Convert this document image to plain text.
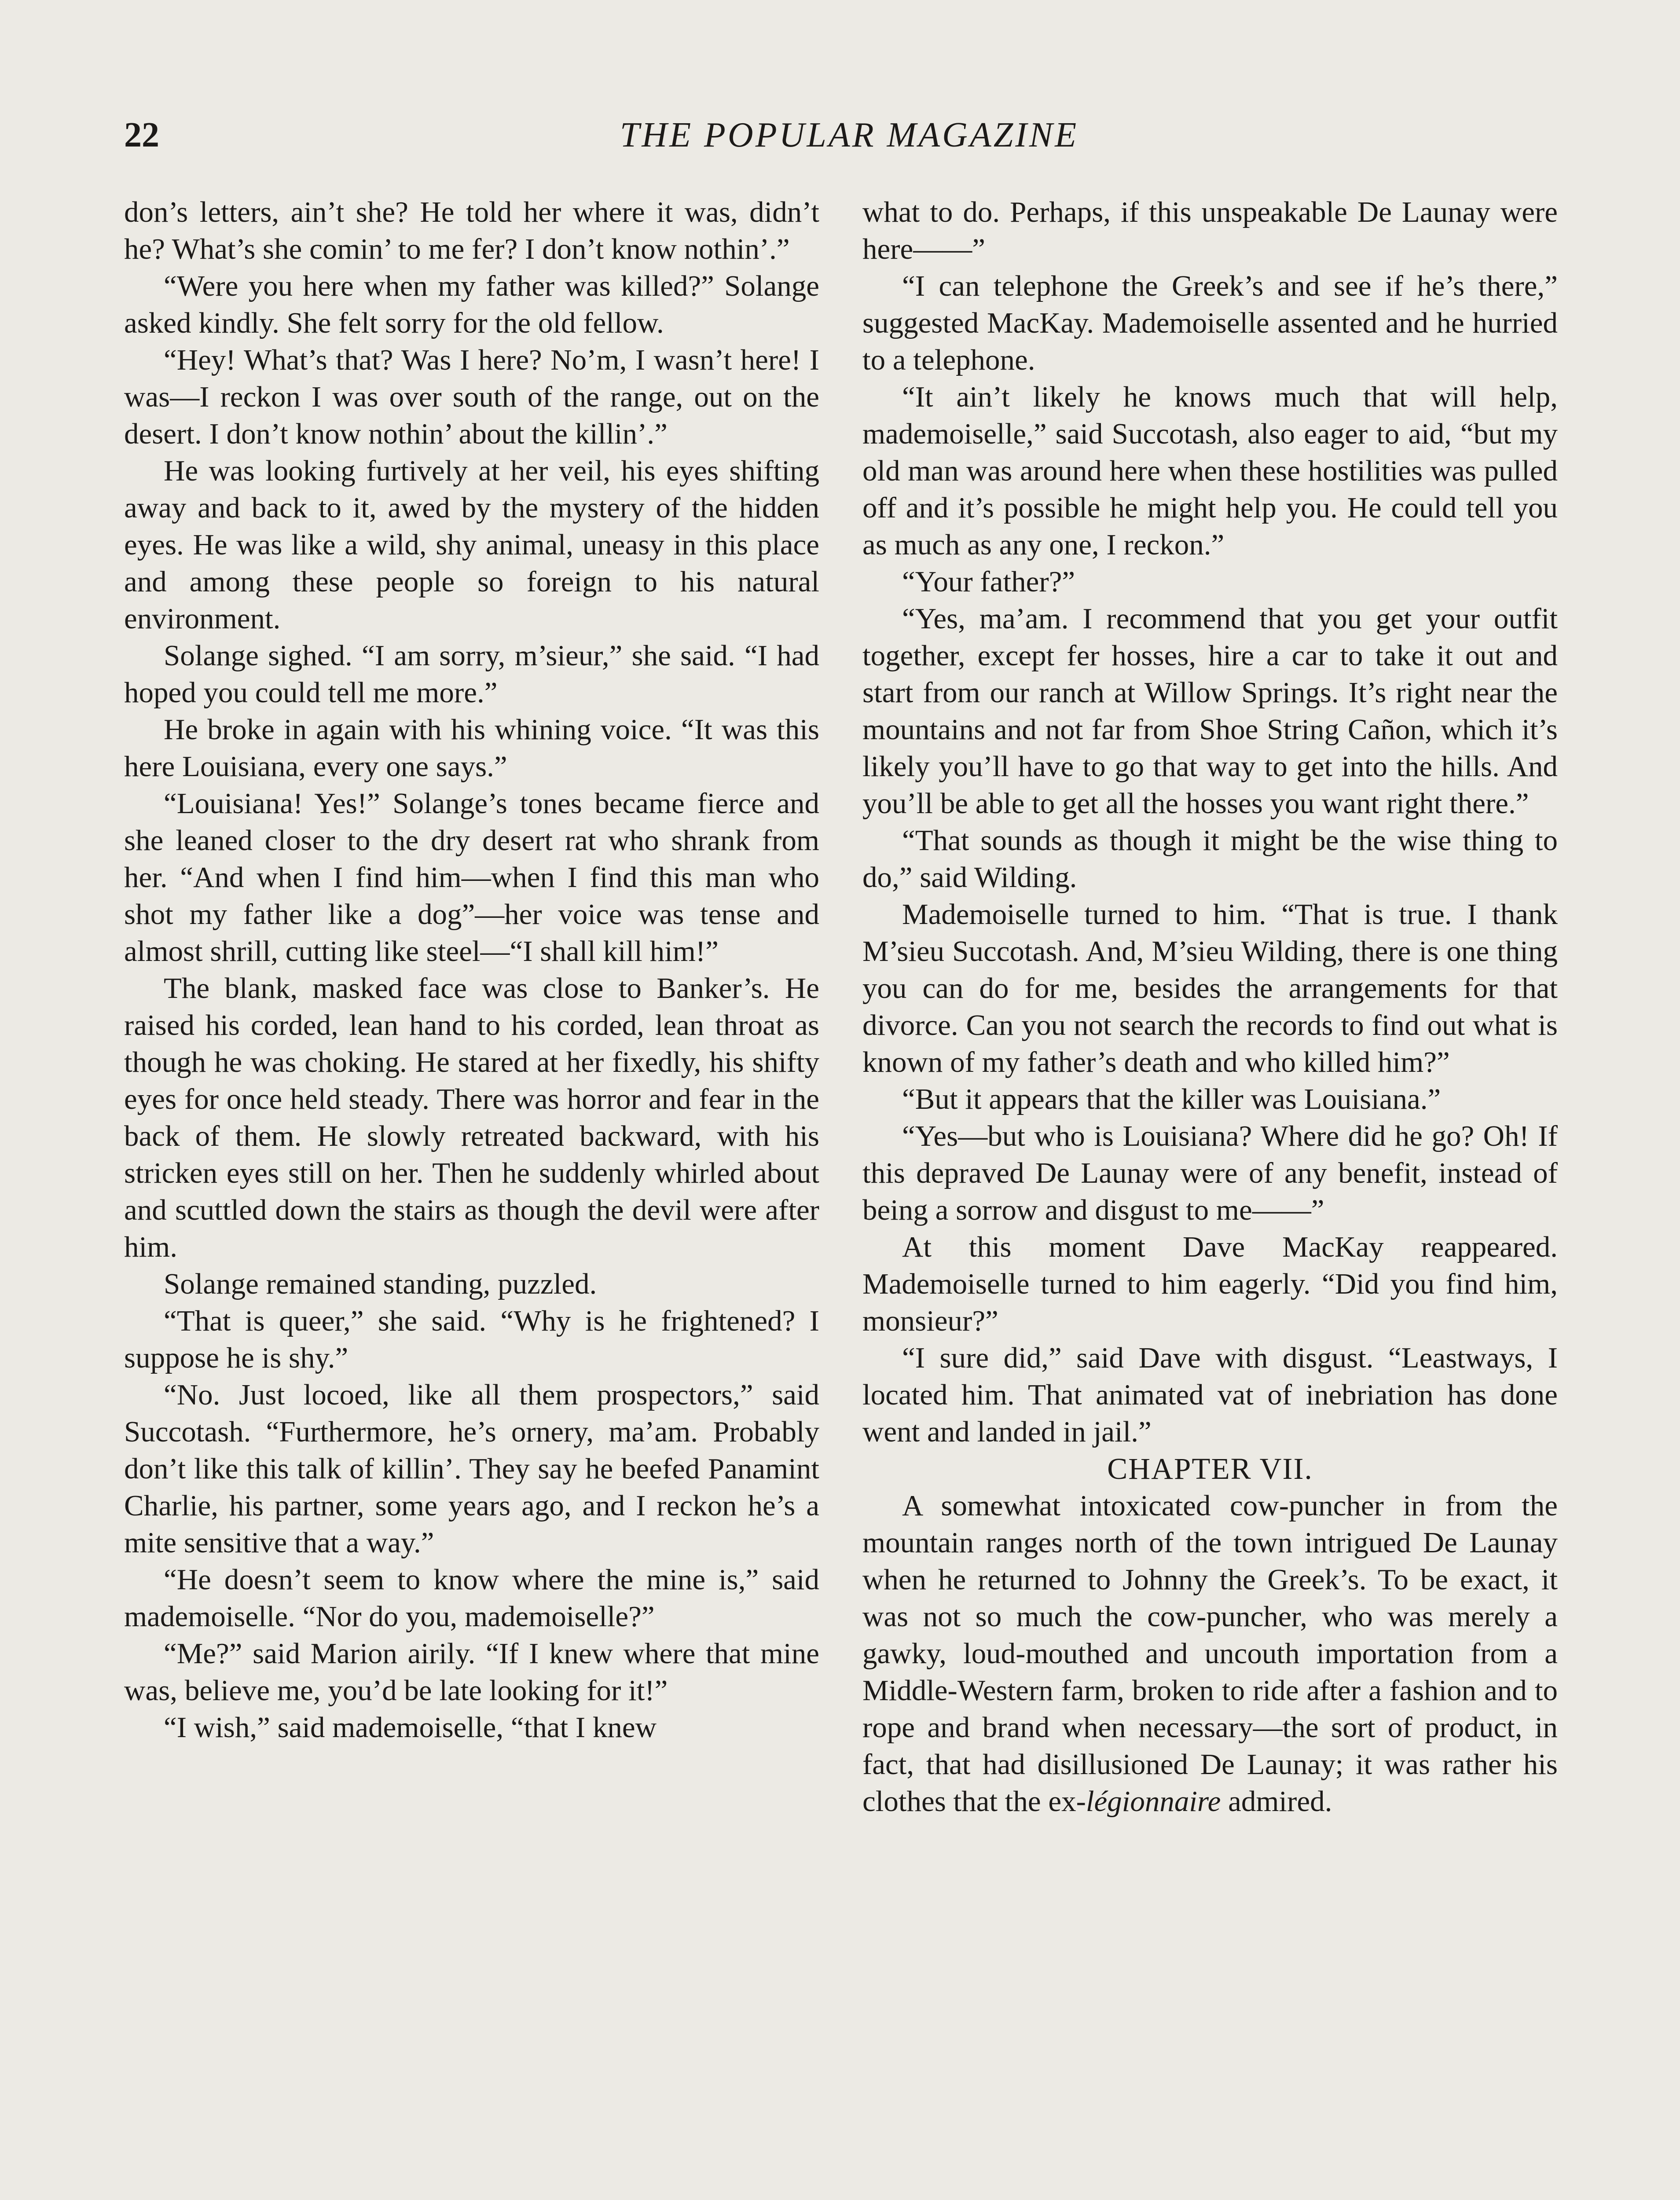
22	THE POPULAR MAGAZINE

don’s letters, ain’t she? He told her where it was, didn’t he? What’s she comin’ to me fer? I don’t know nothin’.”

“Were you here when my father was killed?” Solange asked kindly. She felt sorry for the old fellow.

“Hey! What’s that? Was I here? No’m, I wasn’t here! I was—I reckon I was over south of the range, out on the desert. I don’t know nothin’ about the killin’.”

He was looking furtively at her veil, his eyes shifting away and back to it, awed by the mystery of the hidden eyes. He was like a wild, shy animal, uneasy in this place and among these people so foreign to his natural environment.

Solange sighed. “I am sorry, m’sieur,” she said. “I had hoped you could tell me more.”

He broke in again with his whining voice. “It was this here Louisiana, every one says.”

“Louisiana! Yes!” Solange’s tones became fierce and she leaned closer to the dry desert rat who shrank from her. “And when I find him—when I find this man who shot my father like a dog”—her voice was tense and almost shrill, cutting like steel—“I shall kill him!”

The blank, masked face was close to Banker’s. He raised his corded, lean hand to his corded, lean throat as though he was choking. He stared at her fixedly, his shifty eyes for once held steady. There was horror and fear in the back of them. He slowly retreated backward, with his stricken eyes still on her. Then he suddenly whirled about and scuttled down the stairs as though the devil were after him.

Solange remained standing, puzzled.

“That is queer,” she said. “Why is he frightened? I suppose he is shy.”

“No. Just locoed, like all them prospectors,” said Succotash. “Furthermore, he’s ornery, ma’am. Probably don’t like this talk of killin’. They say he beefed Panamint Charlie, his partner, some years ago, and I reckon he’s a mite sensitive that a way.”

“He doesn’t seem to know where the mine is,” said mademoiselle. “Nor do you, mademoiselle?”

“Me?” said Marion airily. “If I knew where that mine was, believe me, you’d be late looking for it!”

“I wish,” said mademoiselle, “that I knew

what to do. Perhaps, if this unspeakable De Launay were here——”

“I can telephone the Greek’s and see if he’s there,” suggested MacKay. Mademoiselle assented and he hurried to a telephone.

“It ain’t likely he knows much that will help, mademoiselle,” said Succotash, also eager to aid, “but my old man was around here when these hostilities was pulled off and it’s possible he might help you. He could tell you as much as any one, I reckon.”

“Your father?”

“Yes, ma’am. I recommend that you get your outfit together, except fer hosses, hire a car to take it out and start from our ranch at Willow Springs. It’s right near the mountains and not far from Shoe String Cañon, which it’s likely you’ll have to go that way to get into the hills. And you’ll be able to get all the hosses you want right there.”

“That sounds as though it might be the wise thing to do,” said Wilding.

Mademoiselle turned to him. “That is true. I thank M’sieu Succotash. And, M’sieu Wilding, there is one thing you can do for me, besides the arrangements for that divorce. Can you not search the records to find out what is known of my father’s death and who killed him?”

“But it appears that the killer was Louisiana.”

“Yes—but who is Louisiana? Where did he go? Oh! If this depraved De Launay were of any benefit, instead of being a sorrow and disgust to me——”

At this moment Dave MacKay reappeared. Mademoiselle turned to him eagerly. “Did you find him, monsieur?”

“I sure did,” said Dave with disgust. “Leastways, I located him. That animated vat of inebriation has done went and landed in jail.”

CHAPTER VII.

A somewhat intoxicated cow-puncher in from the mountain ranges north of the town intrigued De Launay when he returned to Johnny the Greek’s. To be exact, it was not so much the cow-puncher, who was merely a gawky, loud-mouthed and uncouth importation from a Middle-Western farm, broken to ride after a fashion and to rope and brand when necessary—the sort of product, in fact, that had disillusioned De Launay; it was rather his clothes that the ex-légionnaire admired.
